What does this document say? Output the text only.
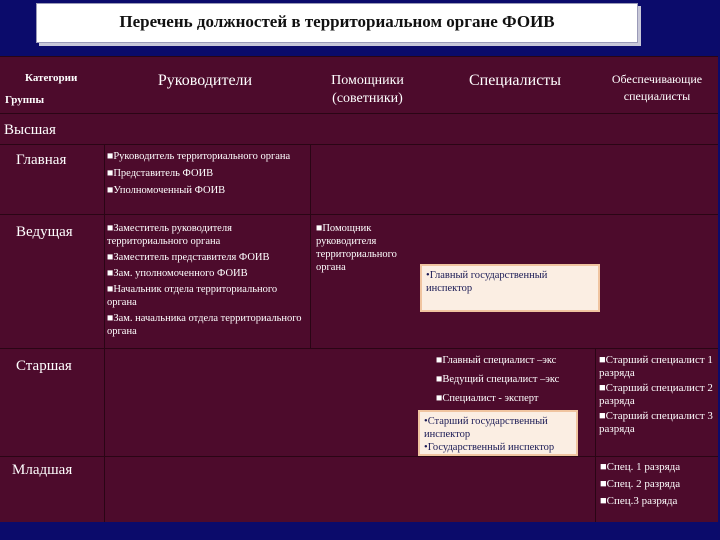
Перечень должностей в территориальном органе ФОИВ
Категории
Группы
Руководители	Помощники (советники)
Специалисты	Обеспечивающие специалисты
Высшая
Главная
Ведущая
Старшая
Младшая
■Руководитель территориального органа
■Представитель ФОИВ
■Уполномоченный ФОИВ
■Заместитель руководителя территориального органа
■Заместитель представителя ФОИВ
■Зам. уполномоченного ФОИВ
■Начальник отдела территориального органа
■Зам. начальника отдела территориального органа
■Помощник руководителя территориального органа
•Главный государственный инспектор
■Главный специалист –экс
■Ведущий специалист –экс
■Специалист - эксперт
•Старший государственный инспектор
•Государственный инспектор
■Старший специалист 1 разряда
■Старший специалист 2 разряда
■Старший специалист 3 разряда
■Спец. 1 разряда
■Спец. 2 разряда
■Спец.3 разряда
